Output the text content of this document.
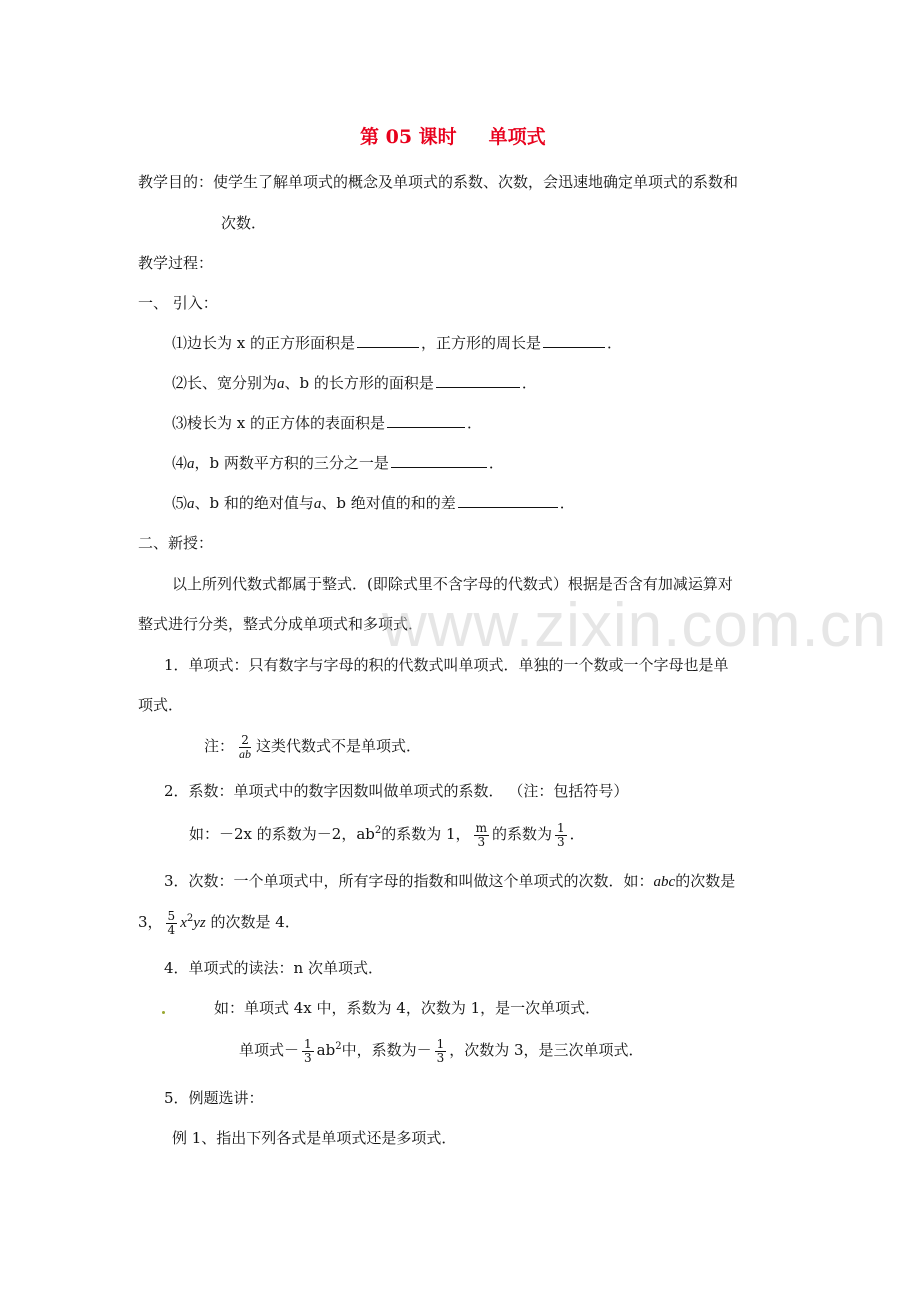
第 05 课时 单项式
教学目的：使学生了解单项式的概念及单项式的系数、次数，会迅速地确定单项式的系数和
次数．
教学过程：
一、 引入：
⑴边长为 x 的正方形面积是	，正方形的周长是	．
⑵长、宽分别为a、b 的长方形的面积是	．
⑶棱长为 x 的正方体的表面积是	．
⑷a，b 两数平方积的三分之一是	．
⑸a、b 和的绝对值与a、b 绝对值的和的差	．
二、新授：
以上所列代数式都属于整式．(即除式里不含字母的代数式）根据是否含有加减运算对
整式进行分类，整式分成单项式和多项式．
www.zixin.com.cn
1．单项式：只有数字与字母的积的代数式叫单项式．单独的一个数或一个字母也是单
项式．
注： $\frac{2}{ab}$ 这类代数式不是单项式．
2．系数：单项式中的数字因数叫做单项式的系数． （注：包括符号）
如：－2x 的系数为－2，$ab^2$的系数为 1， $\frac{m}{3}$ 的系数为 $\frac{1}{3}$ ．
3．次数：一个单项式中，所有字母的指数和叫做这个单项式的次数．如：abc的次数是
3， $\frac{5}{4} x^2yz$ 的次数是 4．
4．单项式的读法：n 次单项式．
如：单项式 4x 中，系数为 4，次数为 1，是一次单项式．
单项式－ $\frac{1}{3} ab^2$中，系数为－ $\frac{1}{3}$ ，次数为 3，是三次单项式．
5．例题选讲：
例 1、指出下列各式是单项式还是多项式．
